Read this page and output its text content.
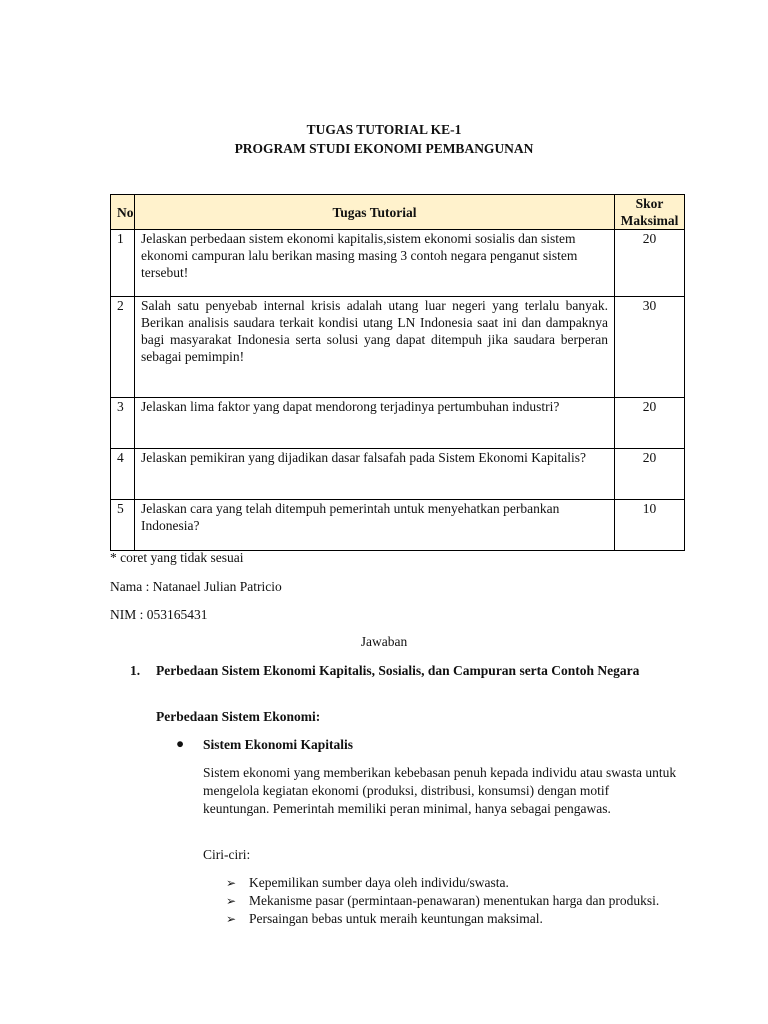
TUGAS TUTORIAL KE-1
PROGRAM STUDI EKONOMI PEMBANGUNAN
No	Tugas Tutorial	Skor Maksimal
1	Jelaskan perbedaan sistem ekonomi kapitalis,sistem ekonomi sosialis dan sistem ekonomi campuran lalu berikan masing masing 3 contoh negara penganut sistem tersebut!	20
2	Salah satu penyebab internal krisis adalah utang luar negeri yang terlalu banyak. Berikan analisis saudara terkait kondisi utang LN Indonesia saat ini dan dampaknya bagi masyarakat Indonesia serta solusi yang dapat ditempuh jika saudara berperan sebagai pemimpin!	30
3	Jelaskan lima faktor yang dapat mendorong terjadinya pertumbuhan industri?	20
4	Jelaskan pemikiran yang dijadikan dasar falsafah pada Sistem Ekonomi Kapitalis?	20
5	Jelaskan cara yang telah ditempuh pemerintah untuk menyehatkan perbankan Indonesia?	10
* coret yang tidak sesuai
Nama : Natanael Julian Patricio
NIM : 053165431
Jawaban
1. Perbedaan Sistem Ekonomi Kapitalis, Sosialis, dan Campuran serta Contoh Negara
Perbedaan Sistem Ekonomi:
● Sistem Ekonomi Kapitalis
Sistem ekonomi yang memberikan kebebasan penuh kepada individu atau swasta untuk mengelola kegiatan ekonomi (produksi, distribusi, konsumsi) dengan motif keuntungan. Pemerintah memiliki peran minimal, hanya sebagai pengawas.
Ciri-ciri:
➢ Kepemilikan sumber daya oleh individu/swasta.
➢ Mekanisme pasar (permintaan-penawaran) menentukan harga dan produksi.
➢ Persaingan bebas untuk meraih keuntungan maksimal.
